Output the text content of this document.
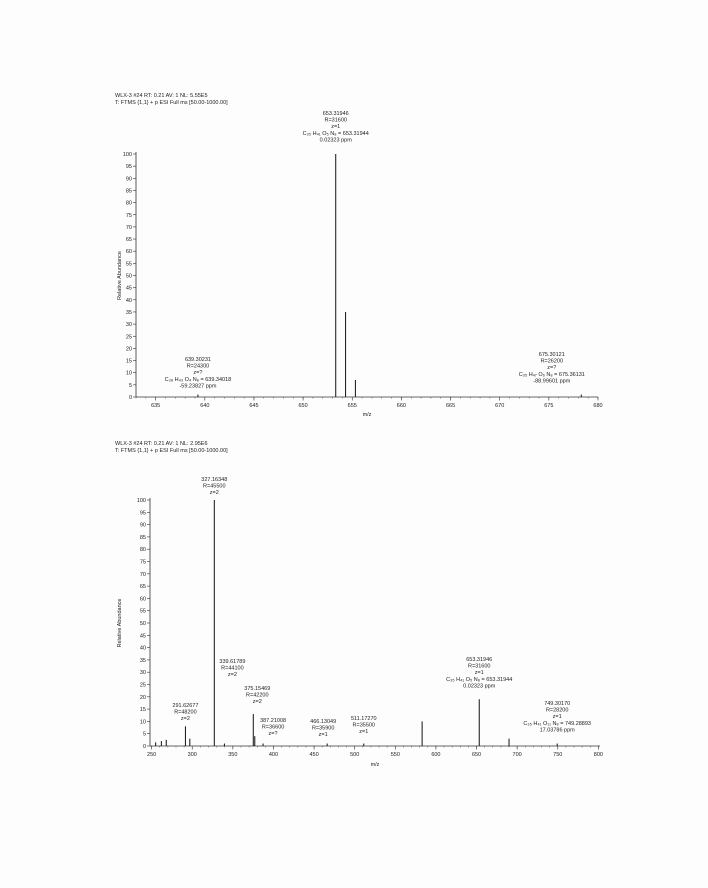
WLX-3 #24 RT: 0.21 AV: 1 NL: 5.55E5
T: FTMS {1,1} + p ESI Full ms [50.00-1000.00]
WLX-3 #24 RT: 0.21 AV: 1 NL: 2.95E6
T: FTMS {1,1} + p ESI Full ms [50.00-1000.00]
0
5
10
15
20
25
30
35
40
45
50
55
60
65
70
75
80
85
90
95
100
635	640	645	650	655	660	665	670	675	680
m/z
Relative Abundance
639.30231
R=24300
z=?
C₃₈ H₄₃ O₄ N₈ = 639.34018
-59.23827 ppm
653.31946
R=31600
z=1
C₃₅ H₄₁ O₅ N₈ = 653.31944
0.02323 ppm
675.30121
R=26200
z=?
C₃₅ H₄₇ O₆ N₈ = 675.36131
-88.99601 ppm
0
5
10
15
20
25
30
35
40
45
50
55
60
65
70
75
80
85
90
95
100
250	300	350	400	450	500	550	600	650	700	750	800
m/z
Relative Abundance
291.62677
R=48200
z=2
327.16348
R=45500
z=2
339.61789
R=44100
z=2
375.15469
R=42200
z=2
387.21008
R=36600
z=?
466.13049
R=35900
z=1
511.17270
R=35500
z=1
653.31946
R=31600
z=1
C₃₅ H₄₁ O₅ N₈ = 653.31944
0.02323 ppm
749.30170
R=28200
z=1
C₃₅ H₄₁ O₁₁ N₈ = 749.28893
17.03786 ppm
